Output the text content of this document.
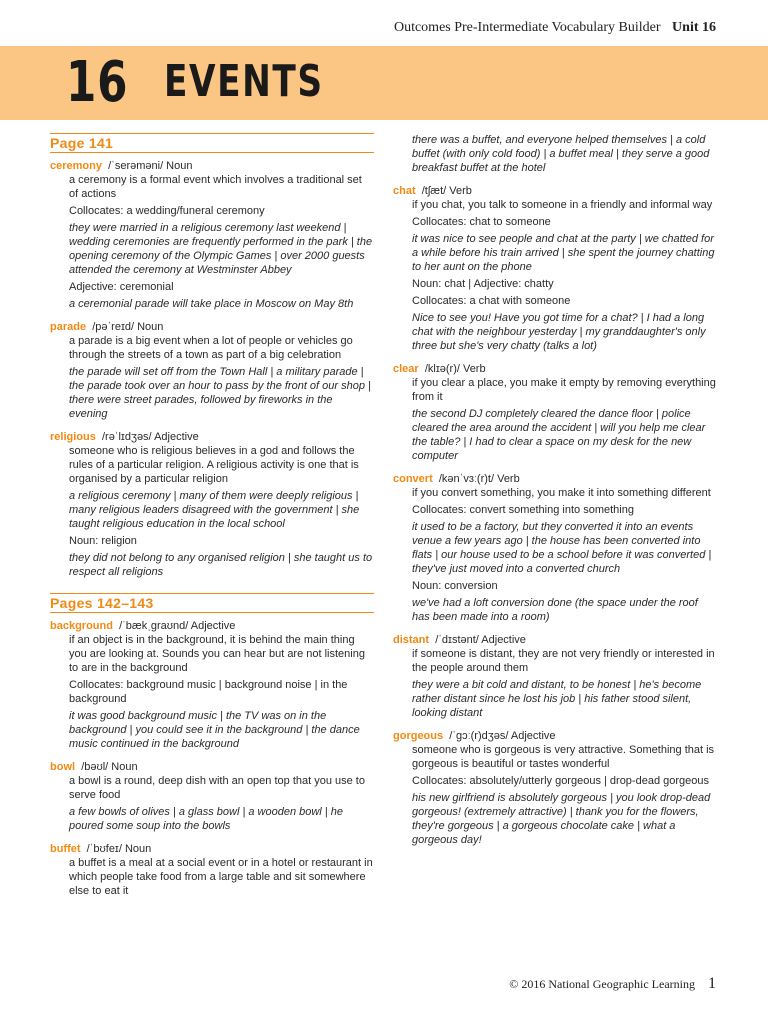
Outcomes Pre-Intermediate Vocabulary Builder Unit 16
16 EVENTS
Page 141

ceremony /ˈserəməni/ Noun

a ceremony is a formal event which involves a traditional set of actions

Collocates: a wedding/funeral ceremony

they were married in a religious ceremony last weekend | wedding ceremonies are frequently performed in the park | the opening ceremony of the Olympic Games | over 2000 guests attended the ceremony at Westminster Abbey

Adjective: ceremonial

a ceremonial parade will take place in Moscow on May 8th

parade /pəˈreɪd/ Noun

a parade is a big event when a lot of people or vehicles go through the streets of a town as part of a big celebration

the parade will set off from the Town Hall | a military parade | the parade took over an hour to pass by the front of our shop | there were street parades, followed by fireworks in the evening

religious /rəˈlɪdʒəs/ Adjective

someone who is religious believes in a god and follows the rules of a particular religion. A religious activity is one that is organised by a particular religion

a religious ceremony | many of them were deeply religious | many religious leaders disagreed with the government | she taught religious education in the local school

Noun: religion

they did not belong to any organised religion | she taught us to respect all religions

Pages 142–143

background /ˈbækˌɡraʊnd/ Adjective

if an object is in the background, it is behind the main thing you are looking at. Sounds you can hear but are not listening to are in the background

Collocates: background music | background noise | in the background

it was good background music | the TV was on in the background | you could see it in the background | the dance music continued in the background

bowl /bəʊl/ Noun

a bowl is a round, deep dish with an open top that you use to serve food

a few bowls of olives | a glass bowl | a wooden bowl | he poured some soup into the bowls

buffet /ˈbʊfeɪ/ Noun

a buffet is a meal at a social event or in a hotel or restaurant in which people take food from a large table and sit somewhere else to eat it

there was a buffet, and everyone helped themselves | a cold buffet (with only cold food) | a buffet meal | they serve a good breakfast buffet at the hotel

chat /tʃæt/ Verb

if you chat, you talk to someone in a friendly and informal way

Collocates: chat to someone

it was nice to see people and chat at the party | we chatted for a while before his train arrived | she spent the journey chatting to her aunt on the phone

Noun: chat | Adjective: chatty

Collocates: a chat with someone

Nice to see you! Have you got time for a chat? | I had a long chat with the neighbour yesterday | my granddaughter's only three but she's very chatty (talks a lot)

clear /klɪə(r)/ Verb

if you clear a place, you make it empty by removing everything from it

the second DJ completely cleared the dance floor | police cleared the area around the accident | will you help me clear the table? | I had to clear a space on my desk for the new computer

convert /kənˈvɜː(r)t/ Verb

if you convert something, you make it into something different

Collocates: convert something into something

it used to be a factory, but they converted it into an events venue a few years ago | the house has been converted into flats | our house used to be a school before it was converted | they've just moved into a converted church

Noun: conversion

we've had a loft conversion done (the space under the roof has been made into a room)

distant /ˈdɪstənt/ Adjective

if someone is distant, they are not very friendly or interested in the people around them

they were a bit cold and distant, to be honest | he's become rather distant since he lost his job | his father stood silent, looking distant

gorgeous /ˈɡɔː(r)dʒəs/ Adjective

someone who is gorgeous is very attractive. Something that is gorgeous is beautiful or tastes wonderful

Collocates: absolutely/utterly gorgeous | drop-dead gorgeous

his new girlfriend is absolutely gorgeous | you look drop-dead gorgeous! (extremely attractive) | thank you for the flowers, they're gorgeous | a gorgeous chocolate cake | what a gorgeous day!

© 2016 National Geographic Learning 1
